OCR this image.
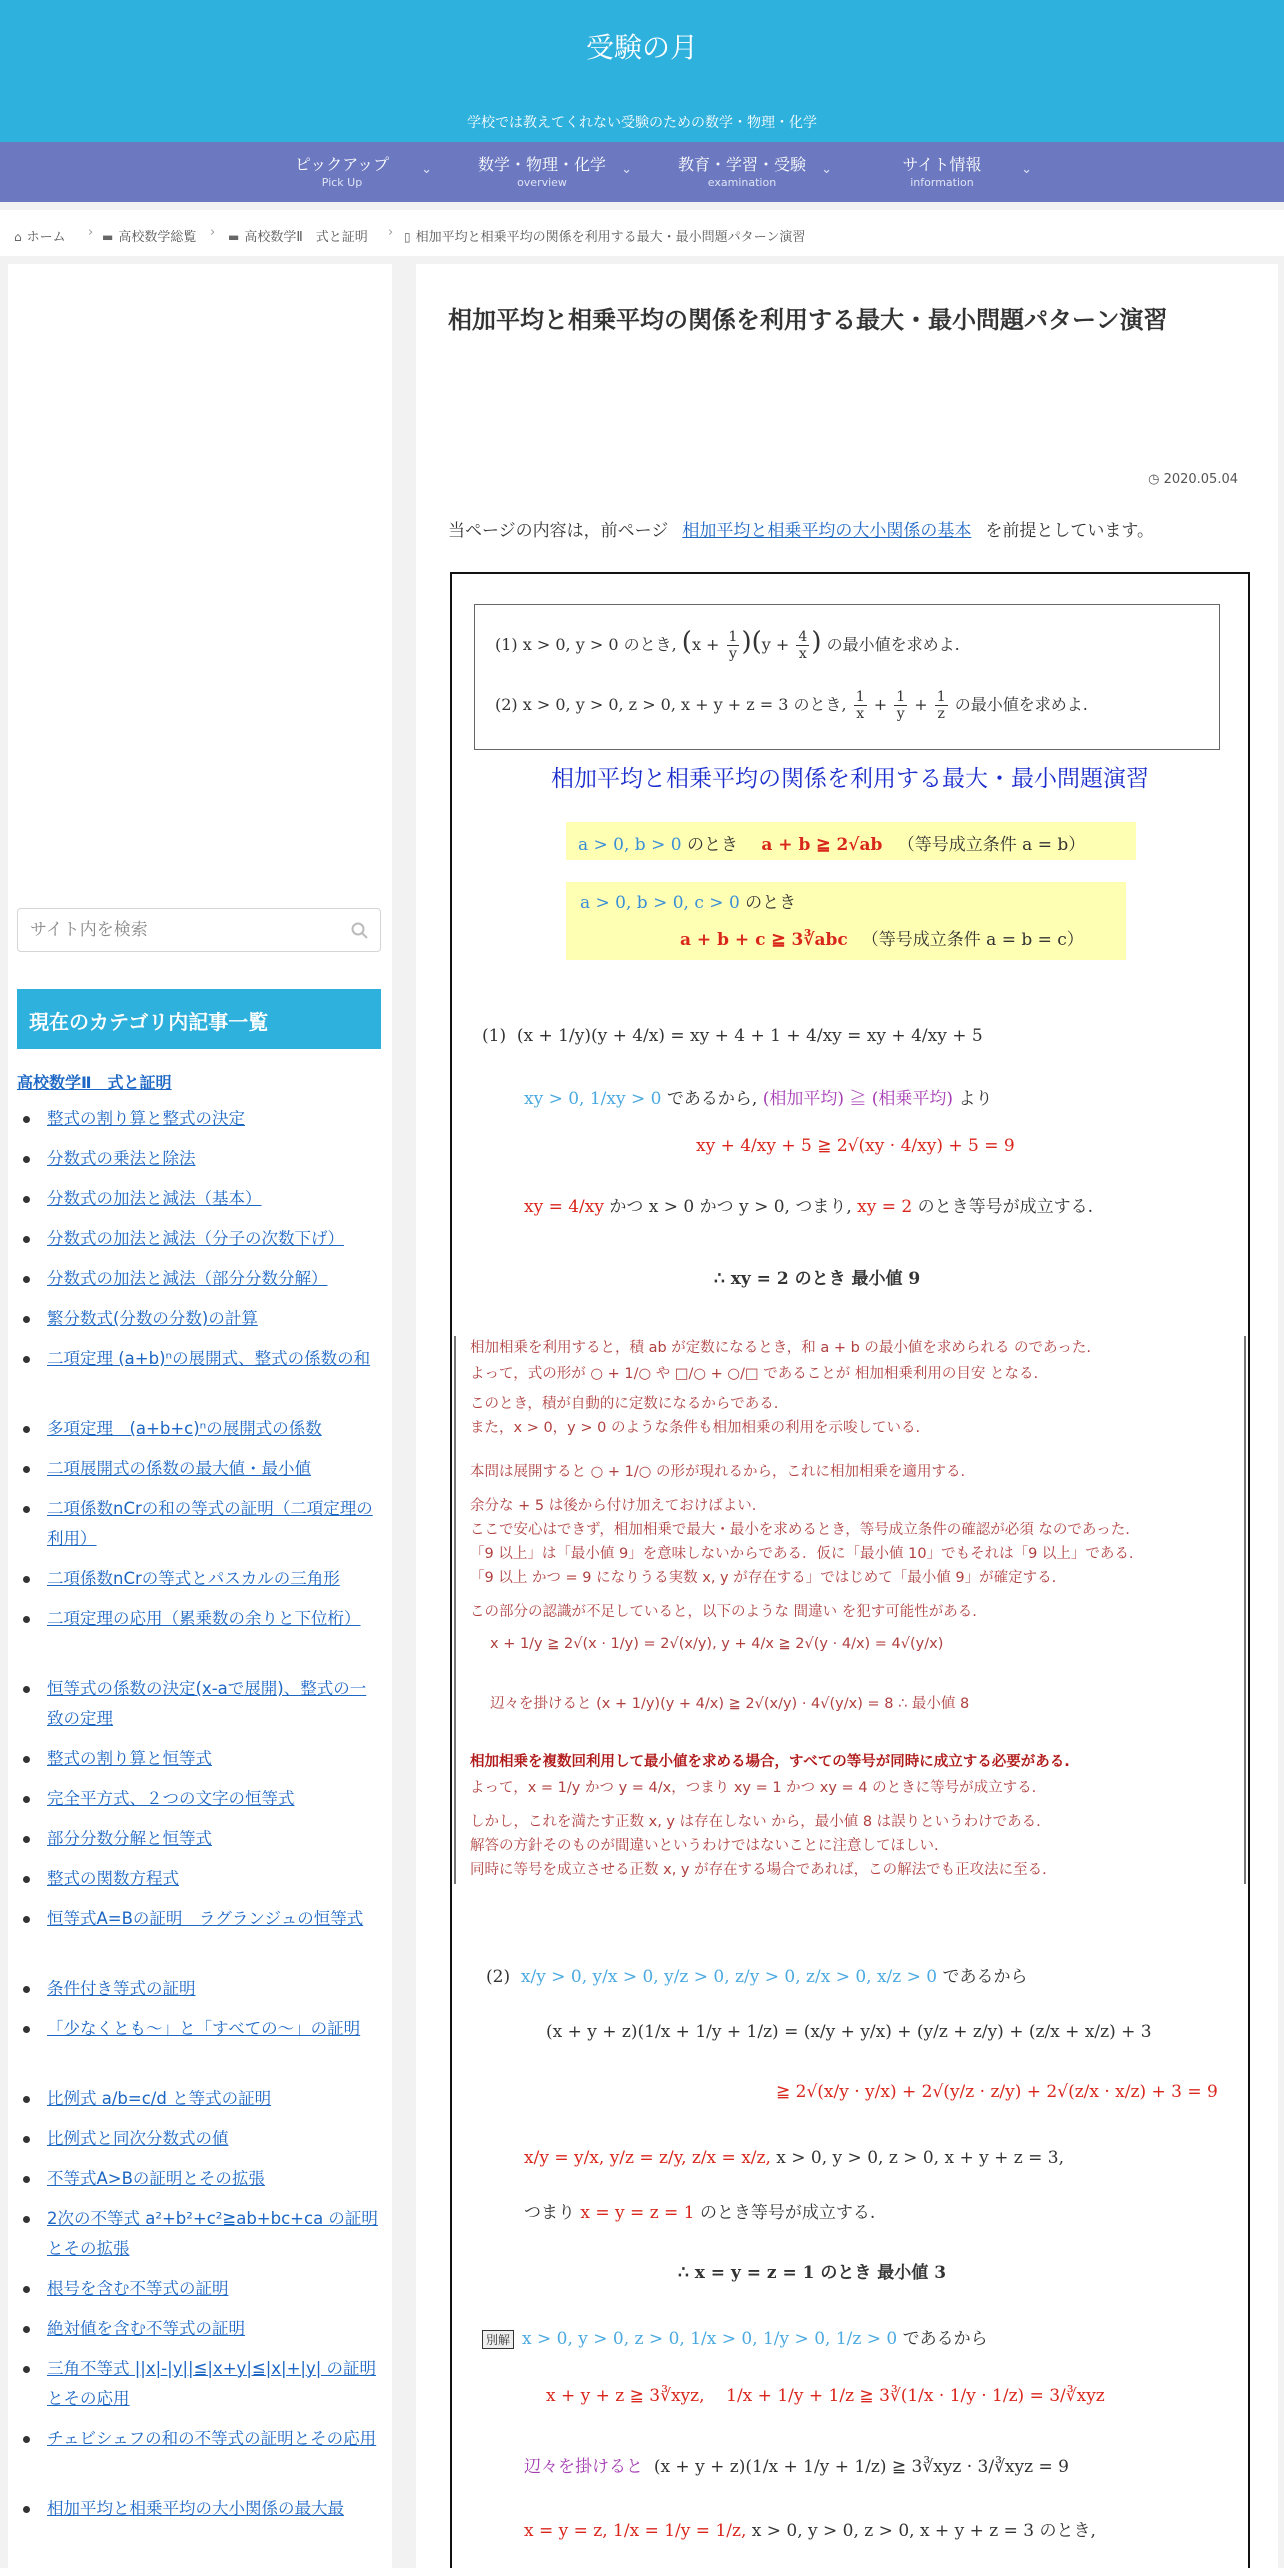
受験の月
学校では教えてくれない受験のための数学・物理・化学
ピックアップ
Pick Up
⌄	数学・物理・化学
overview
⌄	教育・学習・受験
examination
⌄	サイト情報
information
⌄
⌂ ホーム › ▬ 高校数学総覧 › ▬ 高校数学Ⅱ　式と証明 › ▯ 相加平均と相乗平均の関係を利用する最大・最小問題パターン演習
サイト内を検索
現在のカテゴリ内記事一覧
高校数学Ⅱ　式と証明
整式の割り算と整式の決定
分数式の乗法と除法
分数式の加法と減法（基本）
分数式の加法と減法（分子の次数下げ）
分数式の加法と減法（部分分数分解）
繁分数式(分数の分数)の計算
二項定理 (a+b)ⁿの展開式、整式の係数の和
多項定理　(a+b+c)ⁿの展開式の係数
二項展開式の係数の最大値・最小値
二項係数nCrの和の等式の証明（二項定理の利用）
二項係数nCrの等式とパスカルの三角形
二項定理の応用（累乗数の余りと下位桁）
恒等式の係数の決定(x-aで展開)、整式の一致の定理
整式の割り算と恒等式
完全平方式、２つの文字の恒等式
部分分数分解と恒等式
整式の関数方程式
恒等式A=Bの証明　ラグランジュの恒等式
条件付き等式の証明
「少なくとも～」と「すべての～」の証明
比例式 a/b=c/d と等式の証明
比例式と同次分数式の値
不等式A>Bの証明とその拡張
2次の不等式 a²+b²+c²≧ab+bc+ca の証明とその拡張
根号を含む不等式の証明
絶対値を含む不等式の証明
三角不等式 ||x|-|y||≦|x+y|≦|x|+|y| の証明とその応用
チェビシェフの和の不等式の証明とその応用
相加平均と相乗平均の大小関係の最大最
相加平均と相乗平均の関係を利用する最大・最小問題パターン演習
◷ 2020.05.04
当ページの内容は，前ページ 相加平均と相乗平均の大小関係の基本 を前提としています。
(1) x > 0, y > 0 のとき, $(x + \frac{1}{y} )(y + \frac{4}{x}$ ) の最小値を求めよ.
(2) x > 0, y > 0, z > 0, x + y + z = 3 のとき, $\frac{1}{x} + \frac{1}{y} + \frac{1}{z}$ の最小値を求めよ.
相加平均と相乗平均の関係を利用する最大・最小問題演習
a > 0, b > 0 のとき a + b ≧ 2√ab （等号成立条件 a = b）
a > 0, b > 0, c > 0 のとき
a + b + c ≧ 3∛abc （等号成立条件 a = b = c）
(1) (x + 1/y)(y + 4/x) = xy + 4 + 1 + 4/xy = xy + 4/xy + 5
xy > 0, 1/xy > 0 であるから, (相加平均) ≧ (相乗平均) より
xy + 4/xy + 5 ≧ 2√(xy · 4/xy) + 5 = 9
xy = 4/xy かつ x > 0 かつ y > 0, つまり, xy = 2 のとき等号が成立する.
∴ xy = 2 のとき 最小値 9
相加相乗を利用すると，積 ab が定数になるとき，和 a + b の最小値を求められる のであった.
よって，式の形が ○ + 1/○ や □/○ + ○/□ であることが 相加相乗利用の目安 となる.
このとき，積が自動的に定数になるからである.
また，x > 0，y > 0 のような条件も相加相乗の利用を示唆している.
本問は展開すると ○ + 1/○ の形が現れるから，これに相加相乗を適用する.
余分な + 5 は後から付け加えておけばよい.
ここで安心はできず，相加相乗で最大・最小を求めるとき，等号成立条件の確認が必須 なのであった.
「9 以上」は「最小値 9」を意味しないからである．仮に「最小値 10」でもそれは「9 以上」である.
「9 以上 かつ = 9 になりうる実数 x, y が存在する」ではじめて「最小値 9」が確定する.
この部分の認識が不足していると，以下のような 間違い を犯す可能性がある.
x + 1/y ≧ 2√(x · 1/y) = 2√(x/y), y + 4/x ≧ 2√(y · 4/x) = 4√(y/x)
辺々を掛けると (x + 1/y)(y + 4/x) ≧ 2√(x/y) · 4√(y/x) = 8 ∴ 最小値 8
相加相乗を複数回利用して最小値を求める場合，すべての等号が同時に成立する必要がある.
よって，x = 1/y かつ y = 4/x，つまり xy = 1 かつ xy = 4 のときに等号が成立する.
しかし，これを満たす正数 x, y は存在しない から，最小値 8 は誤りというわけである.
解答の方針そのものが間違いというわけではないことに注意してほしい.
同時に等号を成立させる正数 x, y が存在する場合であれば，この解法でも正攻法に至る.
(2) x/y > 0, y/x > 0, y/z > 0, z/y > 0, z/x > 0, x/z > 0 であるから
(x + y + z)(1/x + 1/y + 1/z) = (x/y + y/x) + (y/z + z/y) + (z/x + x/z) + 3
≧ 2√(x/y · y/x) + 2√(y/z · z/y) + 2√(z/x · x/z) + 3 = 9
x/y = y/x, y/z = z/y, z/x = x/z, x > 0, y > 0, z > 0, x + y + z = 3,
つまり x = y = z = 1 のとき等号が成立する.
∴ x = y = z = 1 のとき 最小値 3
別解 x > 0, y > 0, z > 0, 1/x > 0, 1/y > 0, 1/z > 0 であるから
x + y + z ≧ 3∛xyz, 1/x + 1/y + 1/z ≧ 3∛(1/x · 1/y · 1/z) = 3/∛xyz
辺々を掛けると (x + y + z)(1/x + 1/y + 1/z) ≧ 3∛xyz · 3/∛xyz = 9
x = y = z, 1/x = 1/y = 1/z, x > 0, y > 0, z > 0, x + y + z = 3 のとき,
